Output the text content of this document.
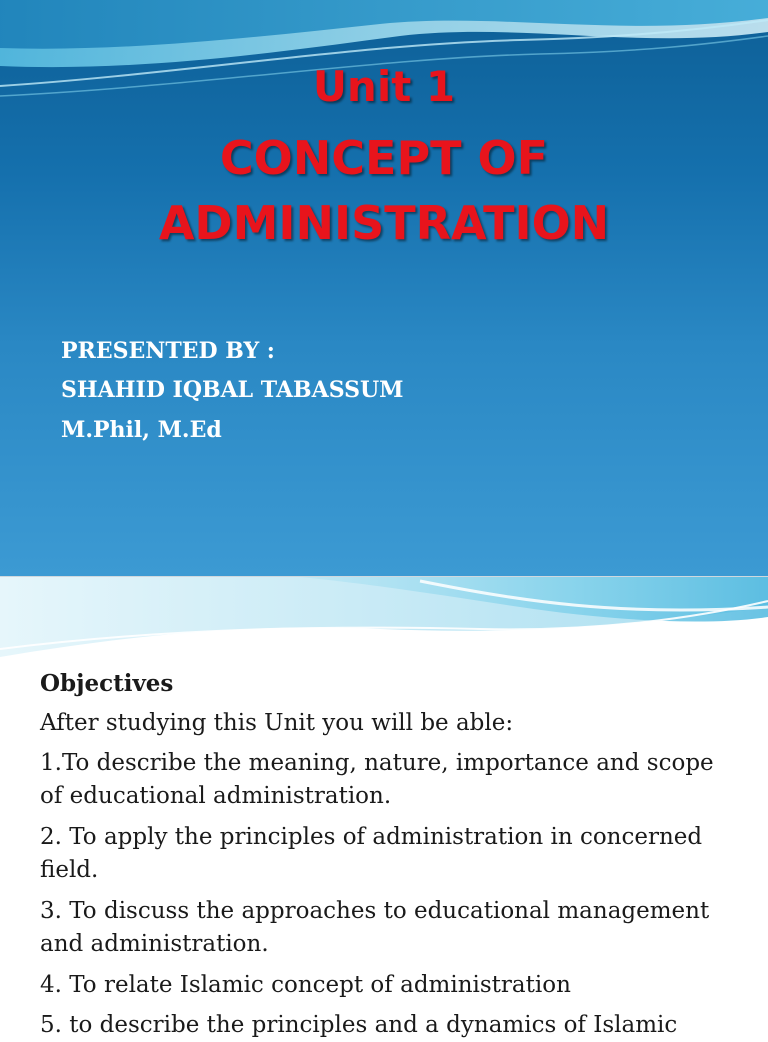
Unit 1

CONCEPT OF

ADMINISTRATION

PRESENTED BY :

SHAHID IQBAL TABASSUM

M.Phil, M.Ed

Objectives

After studying this Unit you will be able:

1.To describe the meaning, nature, importance and scope of educational administration.

2. To apply the principles of administration in concerned field.

3. To discuss the approaches to educational management and administration.

4. To relate Islamic concept of administration

5. to describe the principles and a dynamics of Islamic
